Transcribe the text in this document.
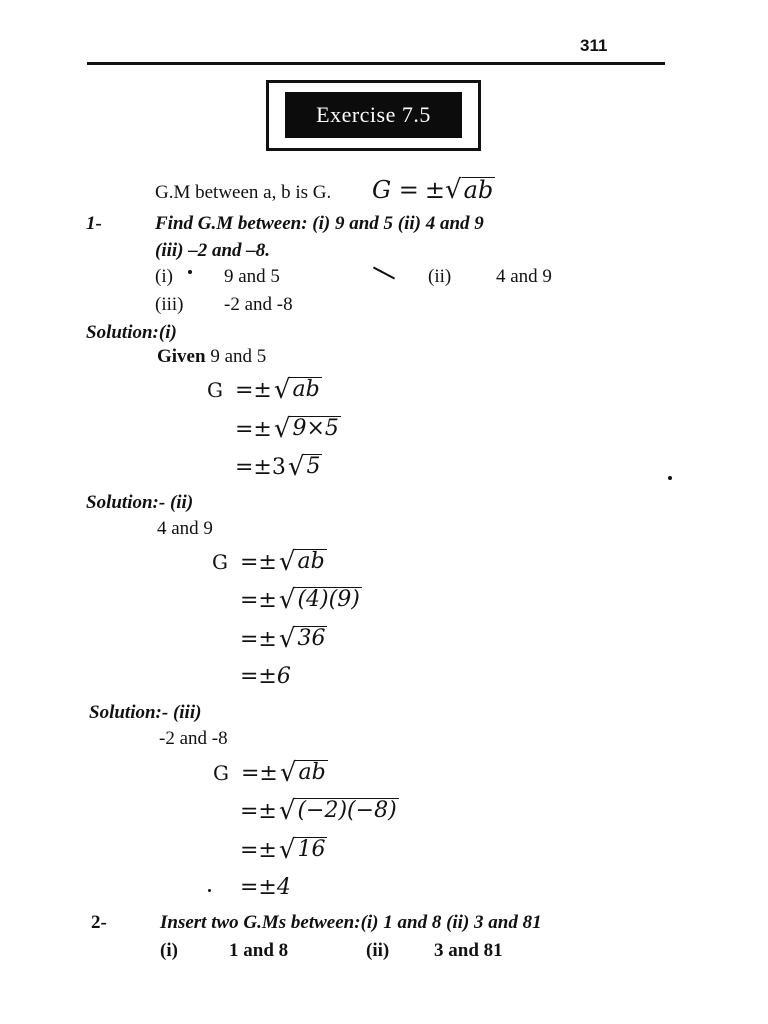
311
Exercise 7.5
G.M between a, b is G. G = ± √ ab
1-	Find G.M between: (i) 9 and 5 (ii) 4 and 9
(iii) –2 and –8.
(i)	9 and 5	(ii) 4 and 9
(iii) -2 and -8
Solution:(i)
Given 9 and 5
G =± √ ab
=± √ 9×5
=±3 √ 5
Solution:- (ii)
4 and 9
G =± √ ab
=± √ (4)(9)
=± √ 36
=±6
Solution:- (iii)
-2 and -8
G =± √ ab
=± √ (−2)(−8)
=± √ 16
=±4
2-	Insert two G.Ms between:(i) 1 and 8 (ii) 3 and 81
(i)	1 and 8	(ii) 3 and 81
